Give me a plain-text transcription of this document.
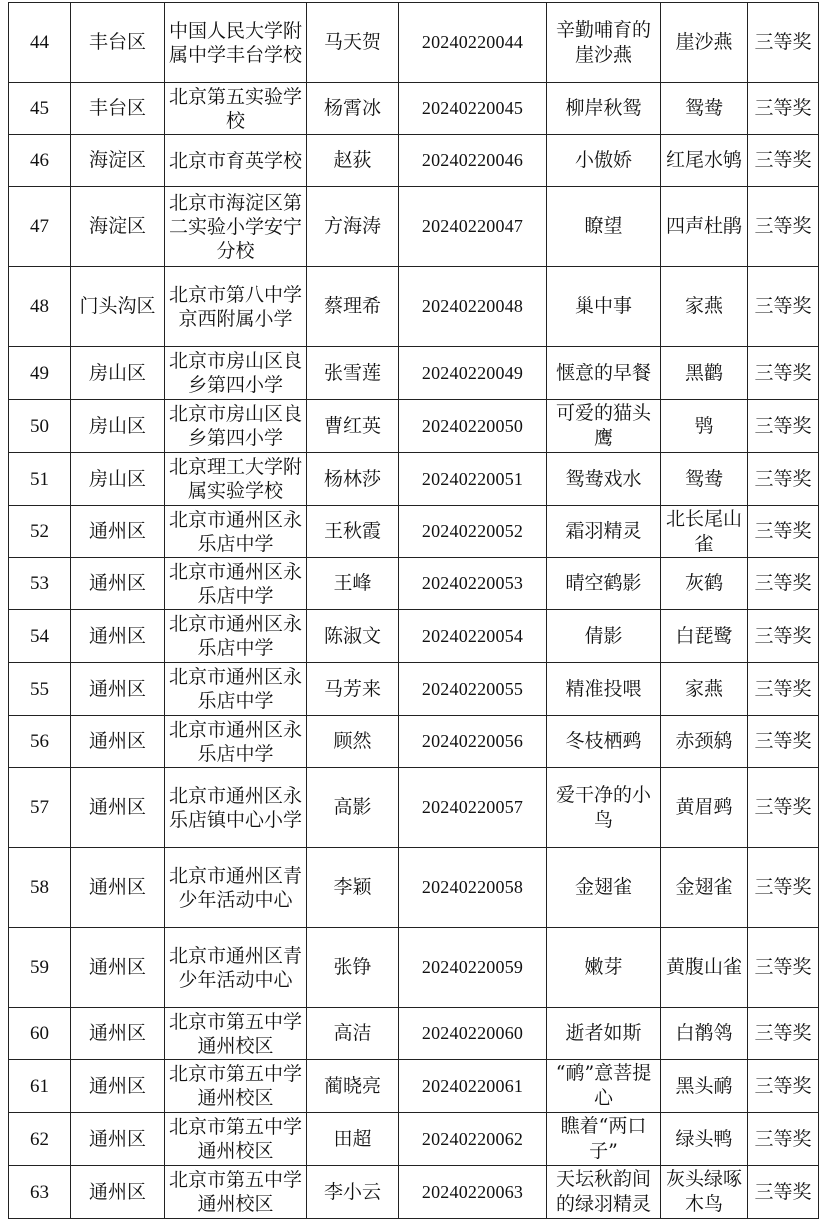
44	丰台区	中国人民大学附属中学丰台学校	马天贺	20240220044	辛勤哺育的崖沙燕	崖沙燕	三等奖
45	丰台区	北京第五实验学校	杨霄冰	20240220045	柳岸秋鸳	鸳鸯	三等奖
46	海淀区	北京市育英学校	赵荻	20240220046	小傲娇	红尾水鸲	三等奖
47	海淀区	北京市海淀区第二实验小学安宁分校	方海涛	20240220047	瞭望	四声杜鹃	三等奖
48	门头沟区	北京市第八中学京西附属小学	蔡理希	20240220048	巢中事	家燕	三等奖
49	房山区	北京市房山区良乡第四小学	张雪莲	20240220049	惬意的早餐	黑鹳	三等奖
50	房山区	北京市房山区良乡第四小学	曹红英	20240220050	可爱的猫头鹰	鸮	三等奖
51	房山区	北京理工大学附属实验学校	杨林莎	20240220051	鸳鸯戏水	鸳鸯	三等奖
52	通州区	北京市通州区永乐店中学	王秋霞	20240220052	霜羽精灵	北长尾山雀	三等奖
53	通州区	北京市通州区永乐店中学	王峰	20240220053	晴空鹤影	灰鹤	三等奖
54	通州区	北京市通州区永乐店中学	陈淑文	20240220054	倩影	白琵鹭	三等奖
55	通州区	北京市通州区永乐店中学	马芳来	20240220055	精准投喂	家燕	三等奖
56	通州区	北京市通州区永乐店中学	顾然	20240220056	冬枝栖鹀	赤颈鸫	三等奖
57	通州区	北京市通州区永乐店镇中心小学	高影	20240220057	爱干净的小鸟	黄眉鹀	三等奖
58	通州区	北京市通州区青少年活动中心	李颖	20240220058	金翅雀	金翅雀	三等奖
59	通州区	北京市通州区青少年活动中心	张铮	20240220059	嫩芽	黄腹山雀	三等奖
60	通州区	北京市第五中学通州校区	高洁	20240220060	逝者如斯	白鹡鸰	三等奖
61	通州区	北京市第五中学通州校区	蔺晓亮	20240220061	“鸸”意菩提心	黑头鸸	三等奖
62	通州区	北京市第五中学通州校区	田超	20240220062	瞧着“两口子”	绿头鸭	三等奖
63	通州区	北京市第五中学通州校区	李小云	20240220063	天坛秋韵间的绿羽精灵	灰头绿啄木鸟	三等奖
